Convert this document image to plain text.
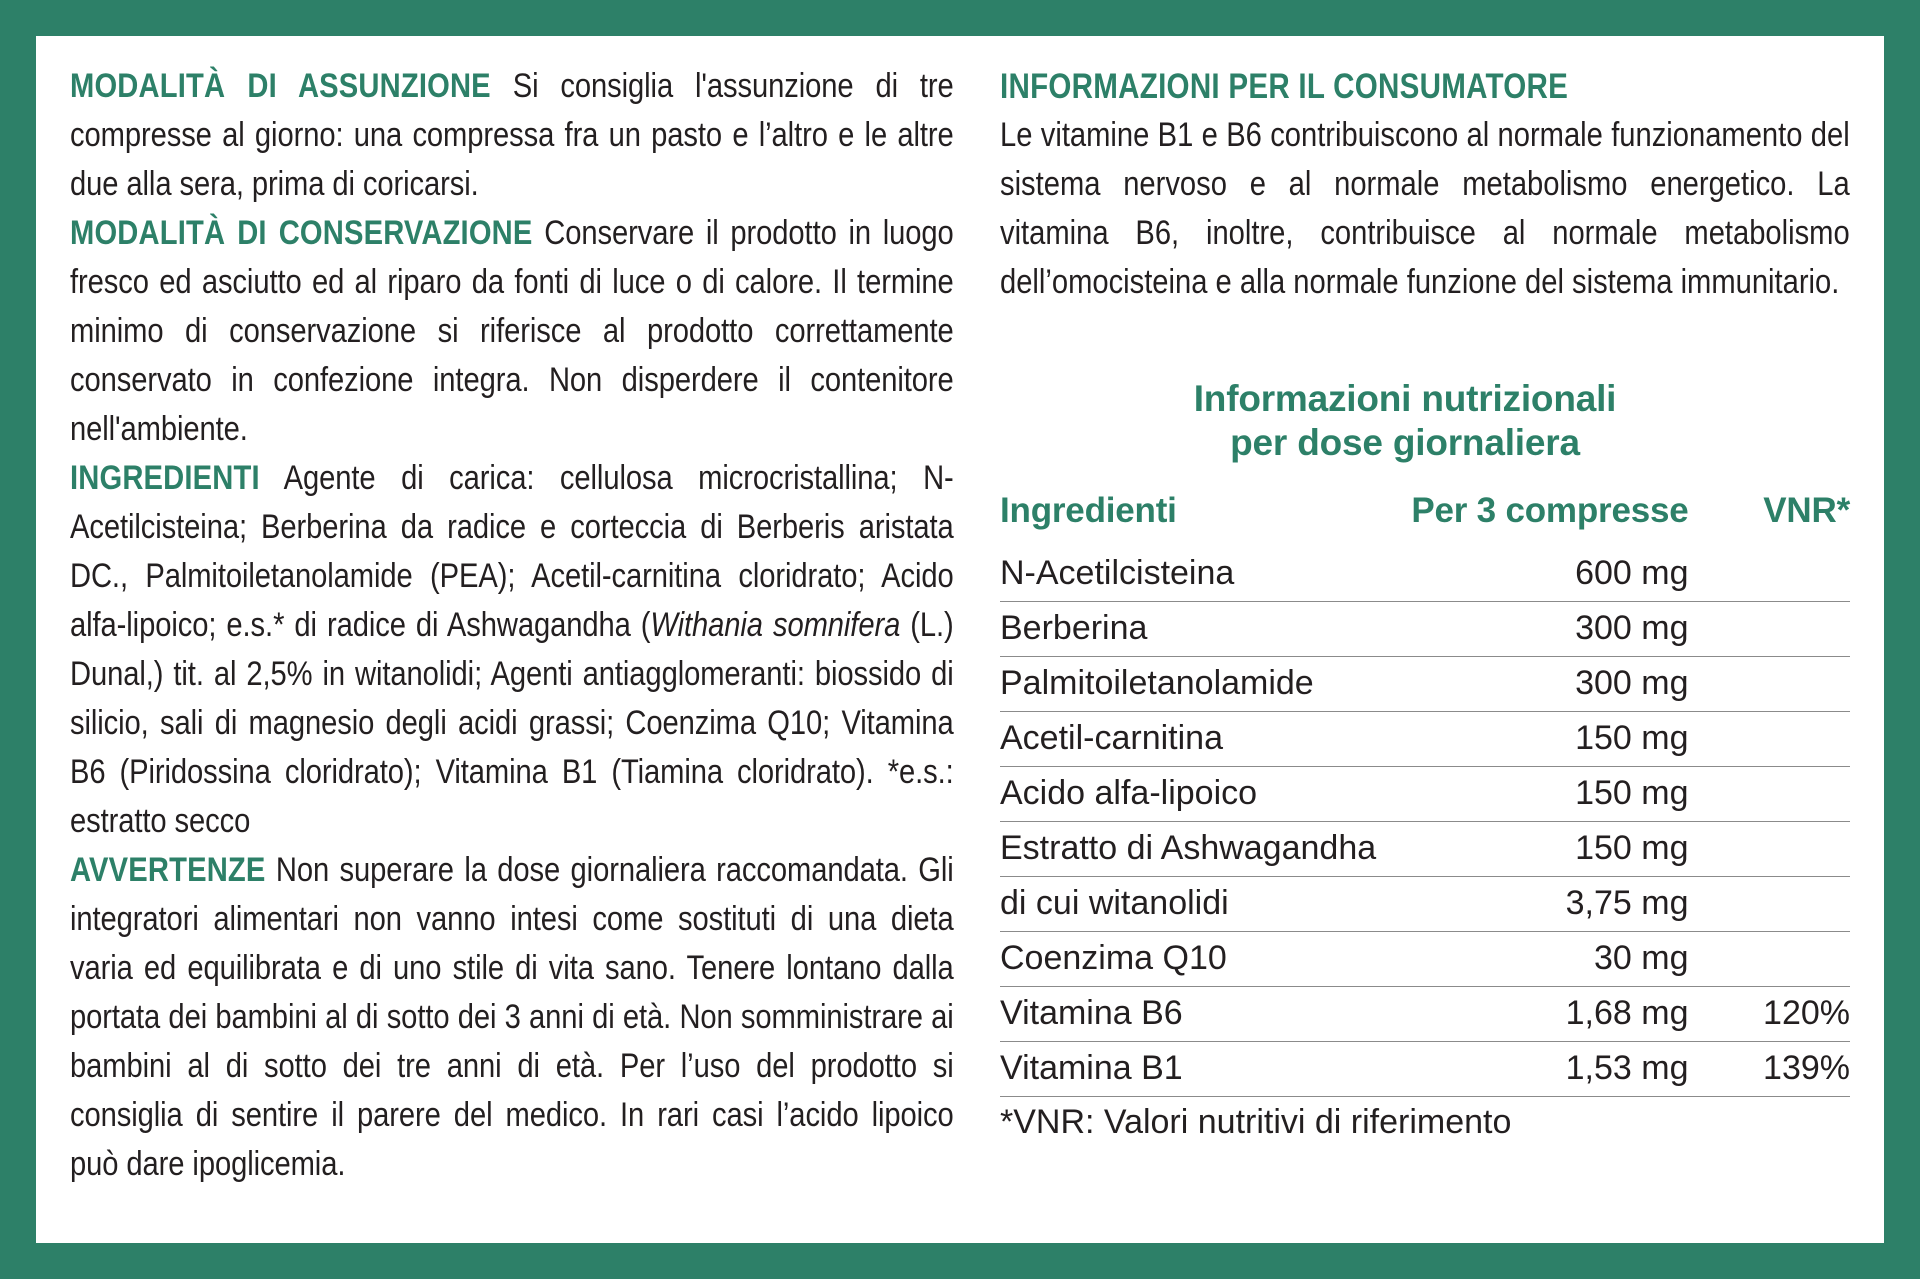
MODALITÀ DI ASSUNZIONE Si consiglia l'assunzione di tre compresse al giorno: una compressa fra un pasto e l’altro e le altre due alla sera, prima di coricarsi.

MODALITÀ DI CONSERVAZIONE Conservare il prodotto in luogo fresco ed asciutto ed al riparo da fonti di luce o di calore. Il termine minimo di conservazione si riferisce al prodotto correttamente conservato in confezione integra. Non disperdere il contenitore nell'ambiente.

INGREDIENTI Agente di carica: cellulosa microcristallina; N-Acetilcisteina; Berberina da radice e corteccia di Berberis aristata DC., Palmitoiletanolamide (PEA); Acetil-carnitina cloridrato; Acido alfa-lipoico; e.s.* di radice di Ashwagandha (Withania somnifera (L.) Dunal,) tit. al 2,5% in witanolidi; Agenti antiagglomeranti: biossido di silicio, sali di magnesio degli acidi grassi; Coenzima Q10; Vitamina B6 (Piridossina cloridrato); Vitamina B1 (Tiamina cloridrato). *e.s.: estratto secco

AVVERTENZE Non superare la dose giornaliera raccomandata. Gli integratori alimentari non vanno intesi come sostituti di una dieta varia ed equilibrata e di uno stile di vita sano. Tenere lontano dalla portata dei bambini al di sotto dei 3 anni di età. Non somministrare ai bambini al di sotto dei tre anni di età. Per l’uso del prodotto si consiglia di sentire il parere del medico. In rari casi l’acido lipoico può dare ipoglicemia.

INFORMAZIONI PER IL CONSUMATORE

Le vitamine B1 e B6 contribuiscono al normale funzionamento del sistema nervoso e al normale metabolismo energetico. La vitamina B6, inoltre, contribuisce al normale metabolismo dell’omocisteina e alla normale funzione del sistema immunitario.

Informazioni nutrizionali
per dose giornaliera
Ingredienti	Per 3 compresse	VNR*
N-Acetilcisteina	600 mg	
Berberina	300 mg	
Palmitoiletanolamide	300 mg	
Acetil-carnitina	150 mg	
Acido alfa-lipoico	150 mg	
Estratto di Ashwagandha	150 mg	
di cui witanolidi	3,75 mg	
Coenzima Q10	30 mg	
Vitamina B6	1,68 mg	120%
Vitamina B1	1,53 mg	139%

*VNR: Valori nutritivi di riferimento
